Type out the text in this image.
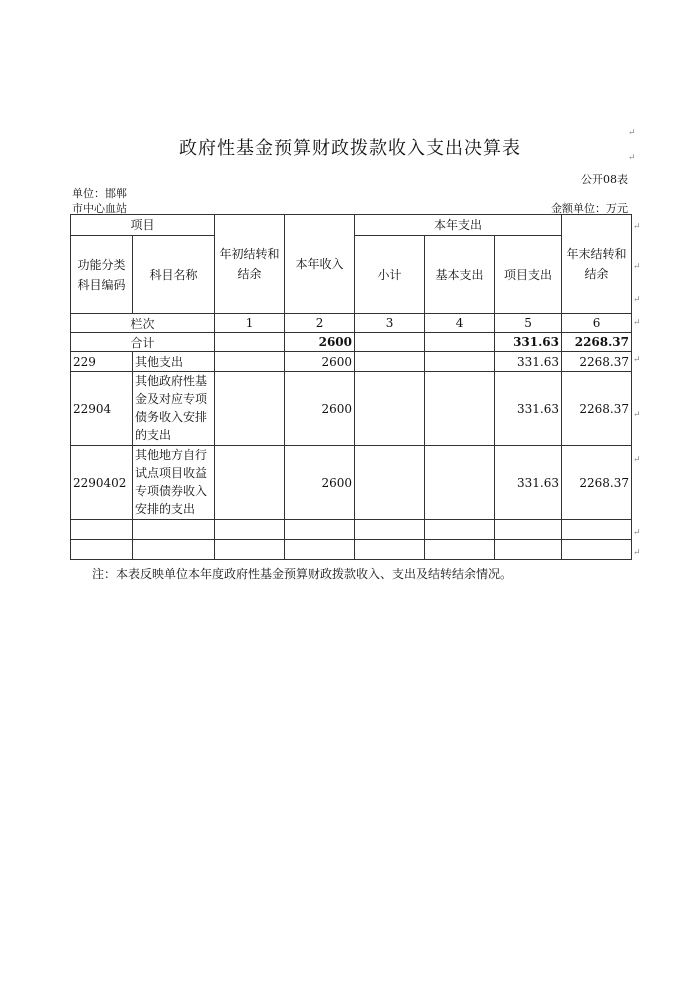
政府性基金预算财政拨款收入支出决算表
↵
↵
公开08表
单位：邯郸
市中心血站	金额单位：万元
↵
↵
↵
↵
↵
↵
↵
↵
↵
项目		年初结转和结余	本年收入	本年支出			年末结转和结余
功能分类科目编码	科目名称			小计	基本支出	项目支出	
栏次		1	2	3	4	5	6
合计			2600			331.63	2268.37
229	其他支出		2600			331.63	2268.37
22904	其他政府性基金及对应专项债务收入安排的支出		2600			331.63	2268.37
2290402	其他地方自行试点项目收益专项债券收入安排的支出		2600			331.63	2268.37

注：本表反映单位本年度政府性基金预算财政拨款收入、支出及结转结余情况。
